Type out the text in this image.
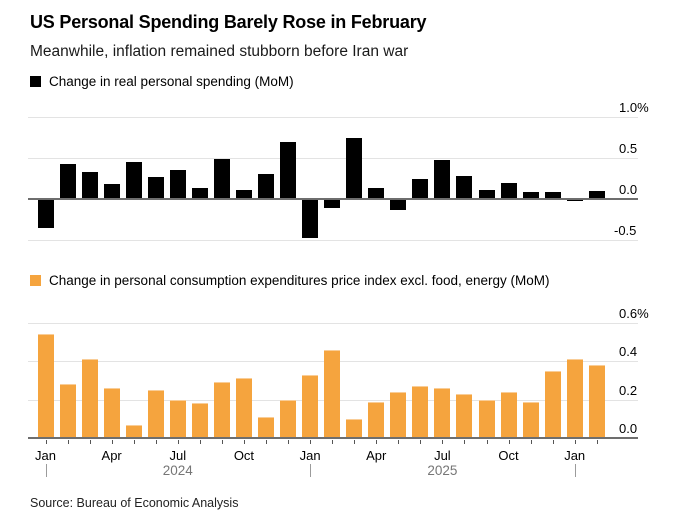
US Personal Spending Barely Rose in February

Meanwhile, inflation remained stubborn before Iran war

Change in real personal spending (MoM)
1.0%
0.5
0.0
-0.5
Change in personal consumption expenditures price index excl. food, energy (MoM)
0.6%
0.4
0.2
0.0
Jan	Apr	Jul	Oct	Jan	Apr	Jul	Oct	Jan
2024	2025
Source: Bureau of Economic Analysis
